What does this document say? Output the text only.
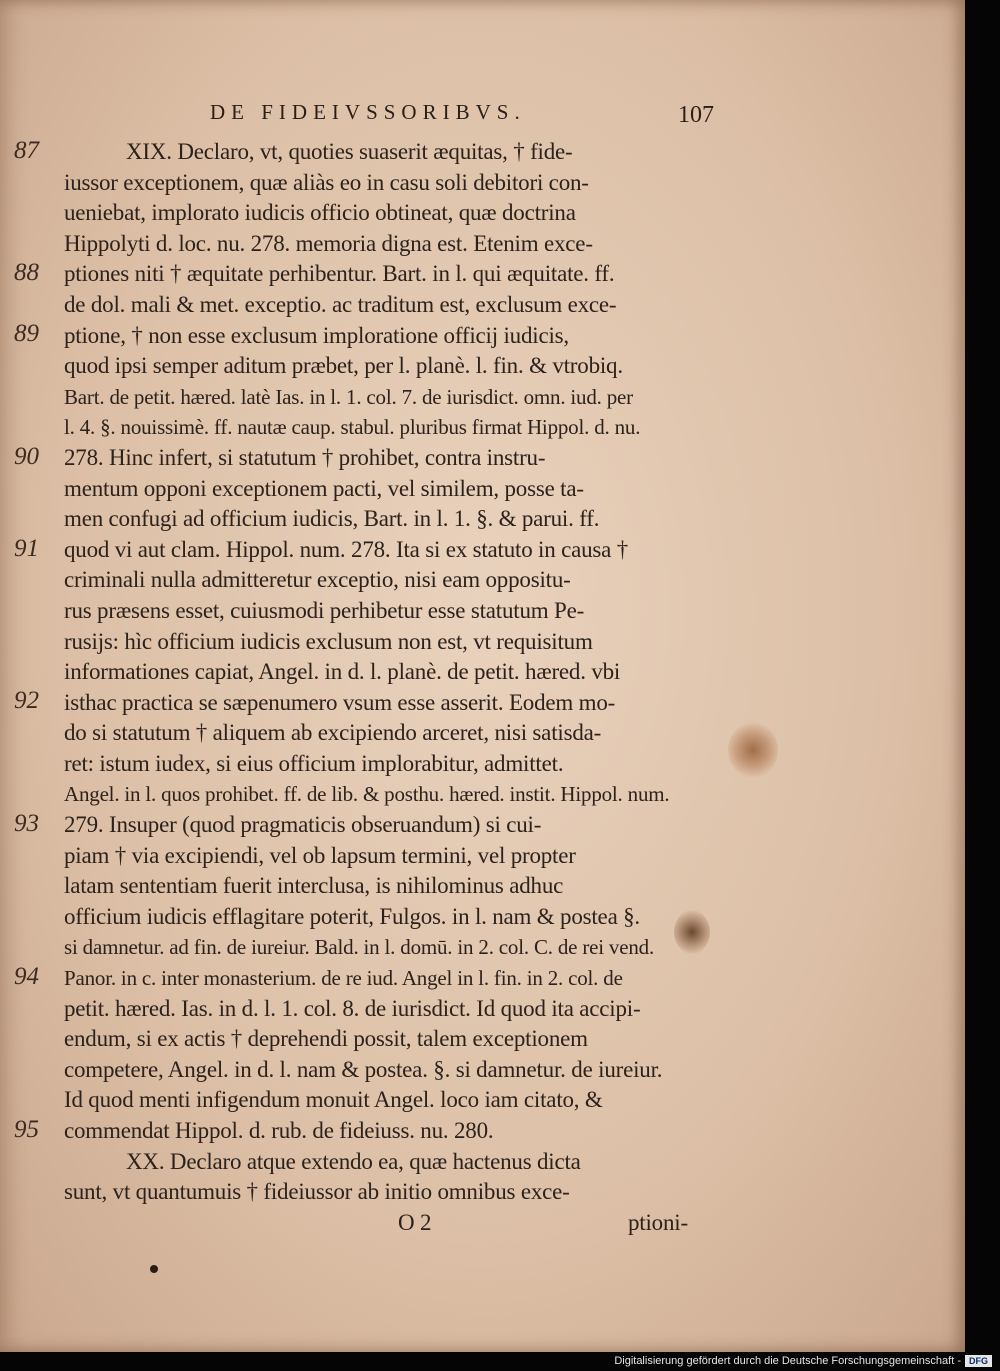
DE FIDEIVSSORIBVS.	107
87
88
89
90
91
92
93
94
95
XIX. Declaro, vt, quoties suaserit æquitas, † fide-
iussor exceptionem, quæ aliàs eo in casu soli debitori con-
ueniebat, implorato iudicis officio obtineat, quæ doctrina
Hippolyti d. loc. nu. 278. memoria digna est. Etenim exce-
ptiones niti † æquitate perhibentur. Bart. in l. qui æquitate. ff.
de dol. mali & met. exceptio. ac traditum est, exclusum exce-
ptione, † non esse exclusum imploratione officij iudicis,
quod ipsi semper aditum præbet, per l. planè. l. fin. & vtrobiq.
Bart. de petit. hæred. latè Ias. in l. 1. col. 7. de iurisdict. omn. iud. per
l. 4. §. nouissimè. ff. nautæ caup. stabul. pluribus firmat Hippol. d. nu.
278. Hinc infert, si statutum † prohibet, contra instru-
mentum opponi exceptionem pacti, vel similem, posse ta-
men confugi ad officium iudicis, Bart. in l. 1. §. & parui. ff.
quod vi aut clam. Hippol. num. 278. Ita si ex statuto in causa †
criminali nulla admitteretur exceptio, nisi eam oppositu-
rus præsens esset, cuiusmodi perhibetur esse statutum Pe-
rusijs: hìc officium iudicis exclusum non est, vt requisitum
informationes capiat, Angel. in d. l. planè. de petit. hæred. vbi
isthac practica se sæpenumero vsum esse asserit. Eodem mo-
do si statutum † aliquem ab excipiendo arceret, nisi satisda-
ret: istum iudex, si eius officium implorabitur, admittet.
Angel. in l. quos prohibet. ff. de lib. & posthu. hæred. instit. Hippol. num.
279. Insuper (quod pragmaticis obseruandum) si cui-
piam † via excipiendi, vel ob lapsum termini, vel propter
latam sententiam fuerit interclusa, is nihilominus adhuc
officium iudicis efflagitare poterit, Fulgos. in l. nam & postea §.
si damnetur. ad fin. de iureiur. Bald. in l. domū. in 2. col. C. de rei vend.
Panor. in c. inter monasterium. de re iud. Angel in l. fin. in 2. col. de
petit. hæred. Ias. in d. l. 1. col. 8. de iurisdict. Id quod ita accipi-
endum, si ex actis † deprehendi possit, talem exceptionem
competere, Angel. in d. l. nam & postea. §. si damnetur. de iureiur.
Id quod menti infigendum monuit Angel. loco iam citato, &
commendat Hippol. d. rub. de fideiuss. nu. 280.
XX. Declaro atque extendo ea, quæ hactenus dicta
sunt, vt quantumuis † fideiussor ab initio omnibus exce-
O 2	ptioni-
Digitalisierung gefördert durch die Deutsche Forschungsgemeinschaft - DFG
